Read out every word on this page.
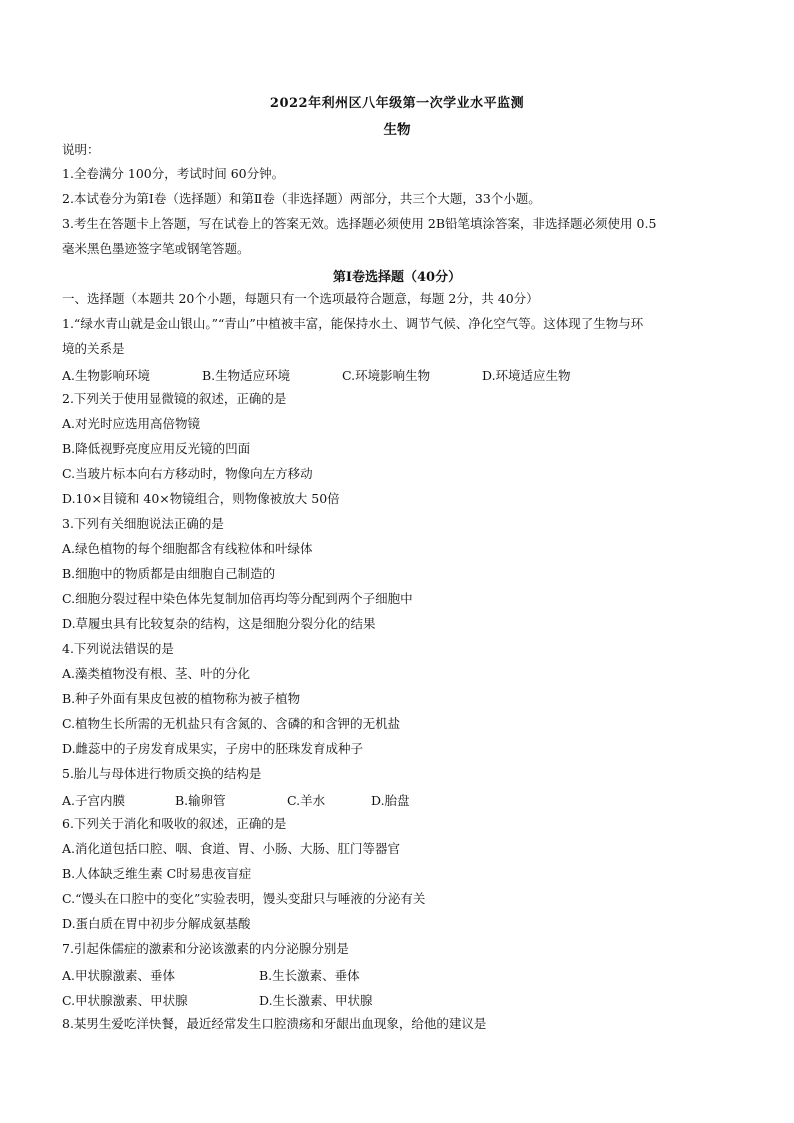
2022年利州区八年级第一次学业水平监测
生物
说明：
1.全卷满分 100分，考试时间 60分钟。
2.本试卷分为第Ⅰ卷（选择题）和第Ⅱ卷（非选择题）两部分，共三个大题，33个小题。
3.考生在答题卡上答题，写在试卷上的答案无效。选择题必须使用 2B铅笔填涂答案，非选择题必须使用 0.5
毫米黑色墨迹签字笔或钢笔答题。
第Ⅰ卷选择题（40分）
一、选择题（本题共 20个小题，每题只有一个选项最符合题意，每题 2分，共 40分）
1.“绿水青山就是金山银山。”“青山”中植被丰富，能保持水土、调节气候、净化空气等。这体现了生物与环
境的关系是
A.生物影响环境	B.生物适应环境	C.环境影响生物	D.环境适应生物
2.下列关于使用显微镜的叙述，正确的是
A.对光时应选用高倍物镜
B.降低视野亮度应用反光镜的凹面
C.当玻片标本向右方移动时，物像向左方移动
D.10×目镜和 40×物镜组合，则物像被放大 50倍
3.下列有关细胞说法正确的是
A.绿色植物的每个细胞都含有线粒体和叶绿体
B.细胞中的物质都是由细胞自己制造的
C.细胞分裂过程中染色体先复制加倍再均等分配到两个子细胞中
D.草履虫具有比较复杂的结构，这是细胞分裂分化的结果
4.下列说法错误的是
A.藻类植物没有根、茎、叶的分化
B.种子外面有果皮包被的植物称为被子植物
C.植物生长所需的无机盐只有含氮的、含磷的和含钾的无机盐
D.雌蕊中的子房发育成果实，子房中的胚珠发育成种子
5.胎儿与母体进行物质交换的结构是
A.子宫内膜	B.输卵管	C.羊水	D.胎盘
6.下列关于消化和吸收的叙述，正确的是
A.消化道包括口腔、咽、食道、胃、小肠、大肠、肛门等器官
B.人体缺乏维生素 C时易患夜盲症
C.“馒头在口腔中的变化”实验表明，馒头变甜只与唾液的分泌有关
D.蛋白质在胃中初步分解成氨基酸
7.引起侏儒症的激素和分泌该激素的内分泌腺分别是
A.甲状腺激素、垂体	B.生长激素、垂体
C.甲状腺激素、甲状腺	D.生长激素、甲状腺
8.某男生爱吃洋快餐，最近经常发生口腔溃疡和牙龈出血现象，给他的建议是
